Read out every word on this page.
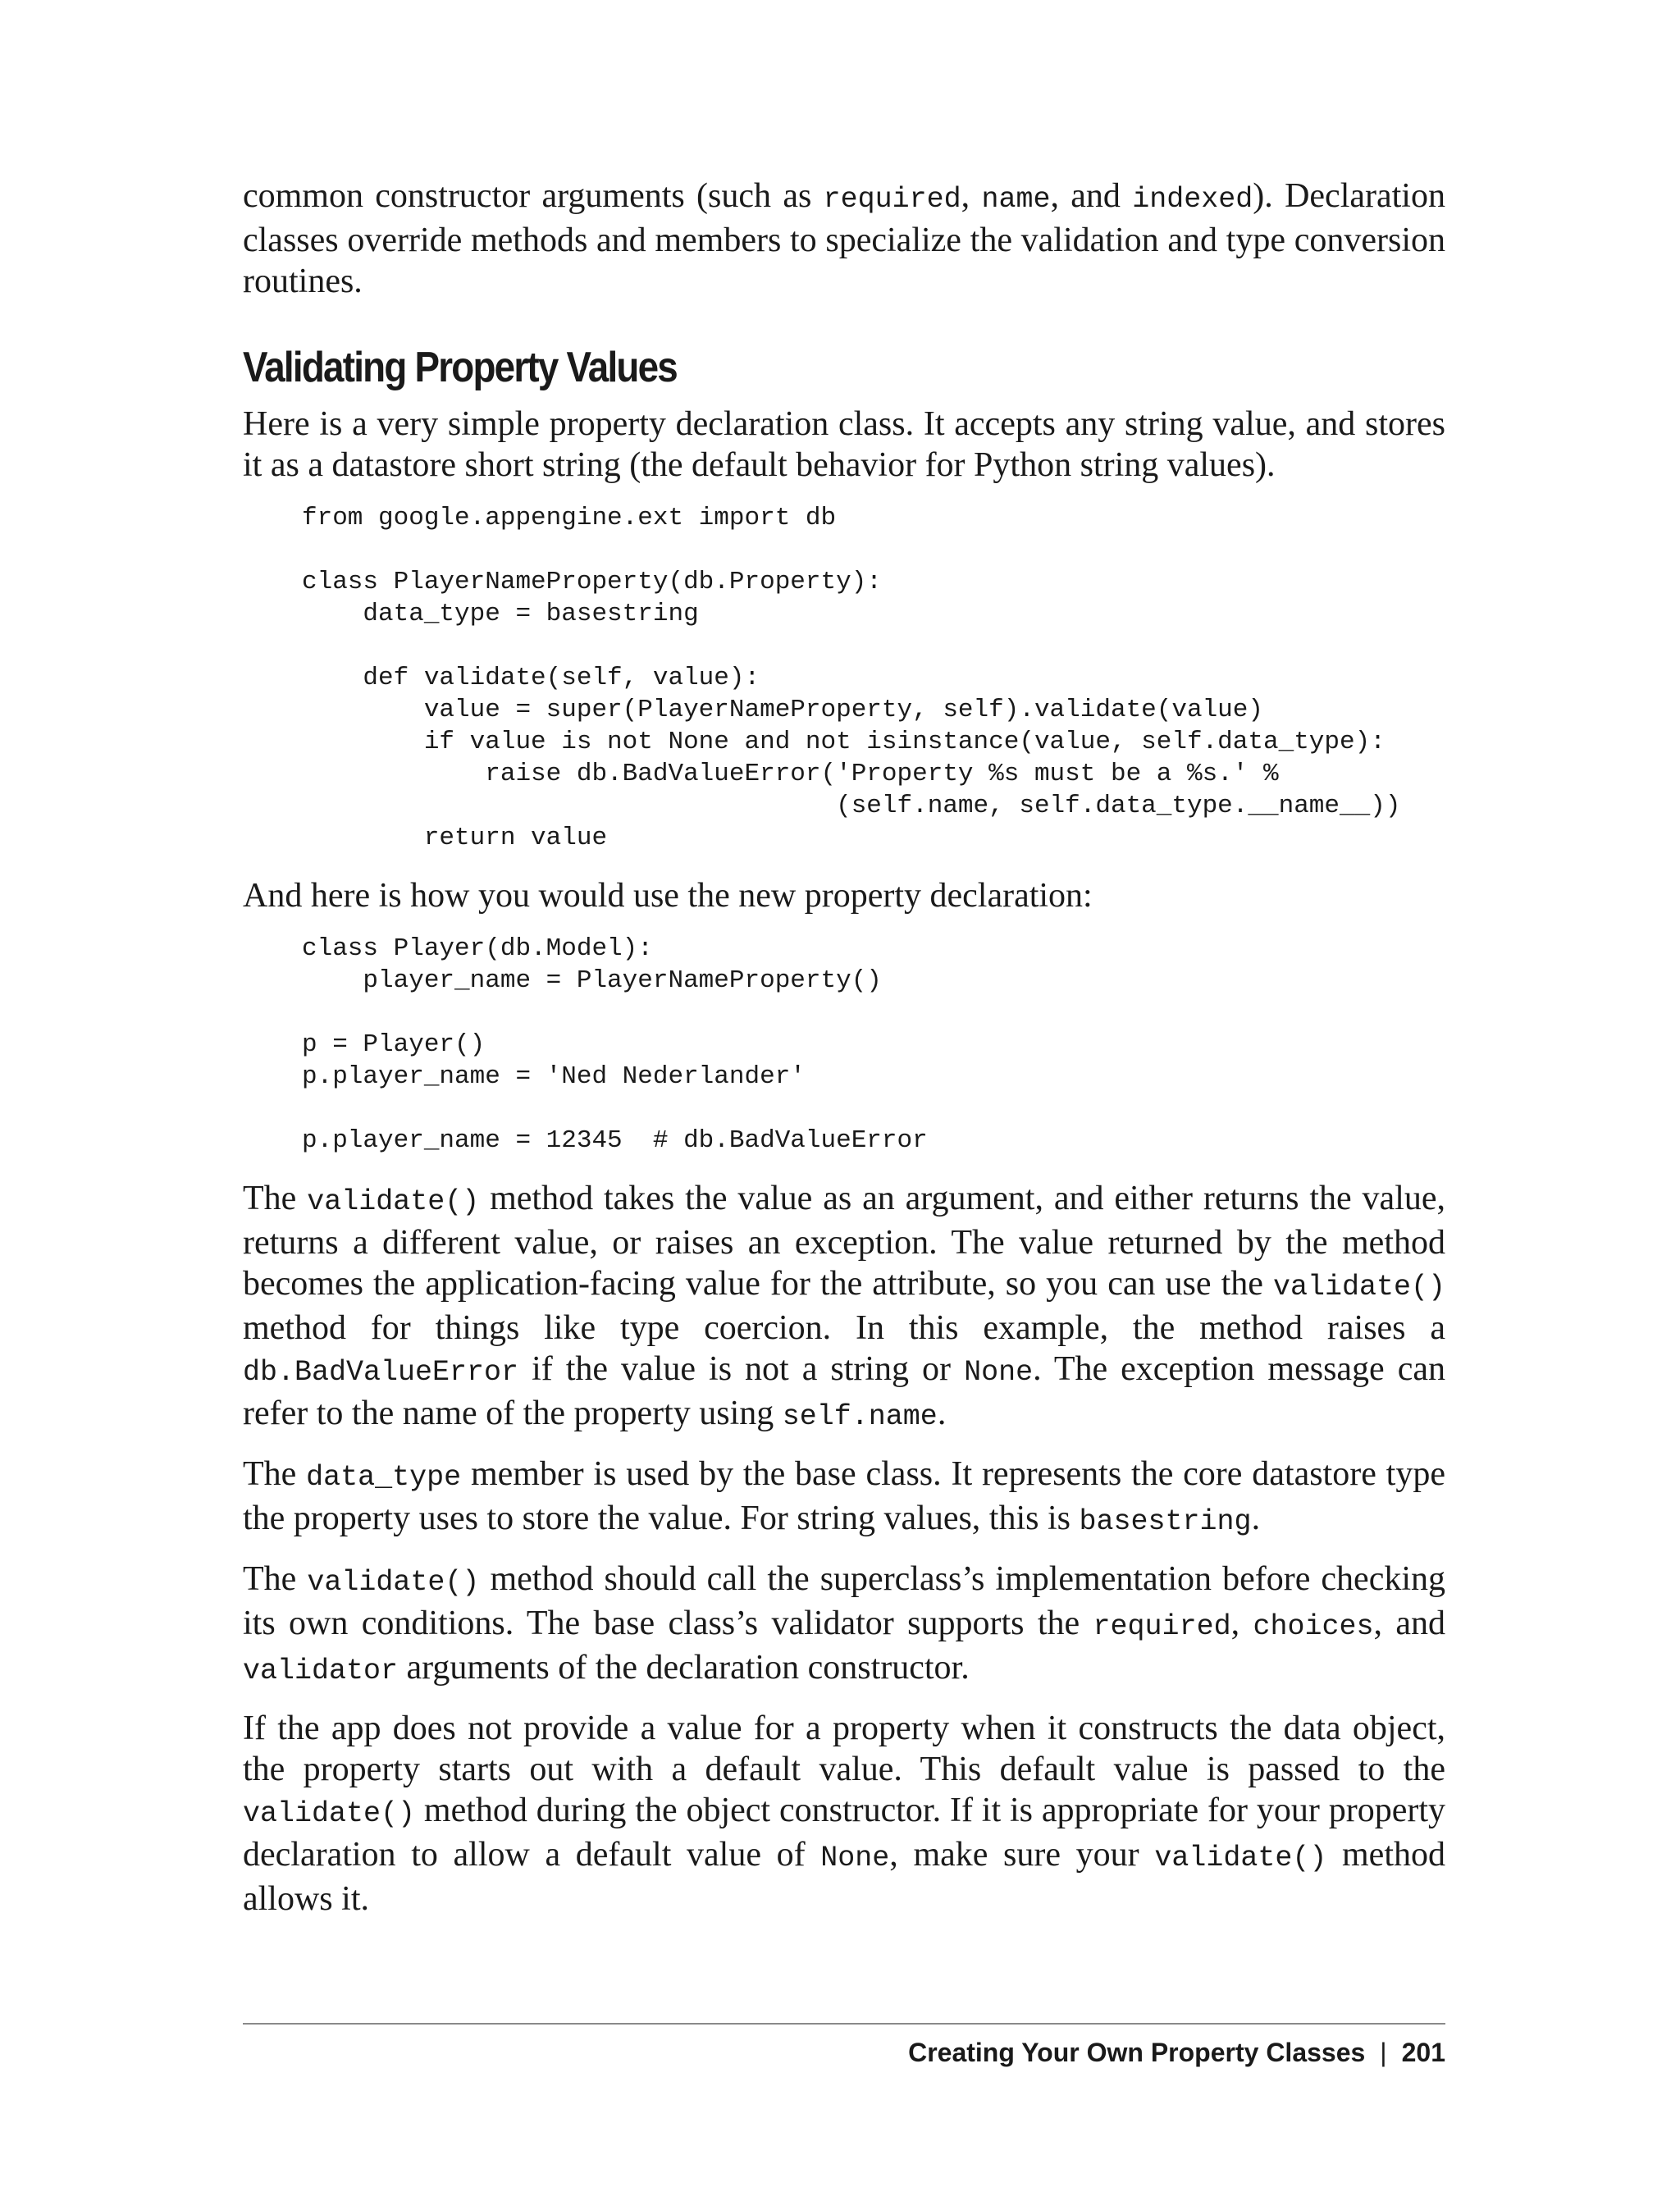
common constructor arguments (such as required, name, and indexed). Declaration classes override methods and members to specialize the validation and type conversion routines.

Validating Property Values

Here is a very simple property declaration class. It accepts any string value, and stores it as a datastore short string (the default behavior for Python string values).

from google.appengine.ext import db

class PlayerNameProperty(db.Property):
data_type = basestring

def validate(self, value):
value = super(PlayerNameProperty, self).validate(value)
if value is not None and not isinstance(value, self.data_type):
raise db.BadValueError('Property %s must be a %s.' %
(self.name, self.data_type.__name__))
return value

And here is how you would use the new property declaration:

class Player(db.Model):
player_name = PlayerNameProperty()

p = Player()
p.player_name = 'Ned Nederlander'

p.player_name = 12345  # db.BadValueError

The validate() method takes the value as an argument, and either returns the value, returns a different value, or raises an exception. The value returned by the method becomes the application-facing value for the attribute, so you can use the validate() method for things like type coercion. In this example, the method raises a db.BadValueError if the value is not a string or None. The exception message can refer to the name of the property using self.name.

The data_type member is used by the base class. It represents the core datastore type the property uses to store the value. For string values, this is basestring.

The validate() method should call the superclass’s implementation before checking its own conditions. The base class’s validator supports the required, choices, and validator arguments of the declaration constructor.

If the app does not provide a value for a property when it constructs the data object, the property starts out with a default value. This default value is passed to the validate() method during the object constructor. If it is appropriate for your property declaration to allow a default value of None, make sure your validate() method allows it.

Creating Your Own Property Classes | 201
